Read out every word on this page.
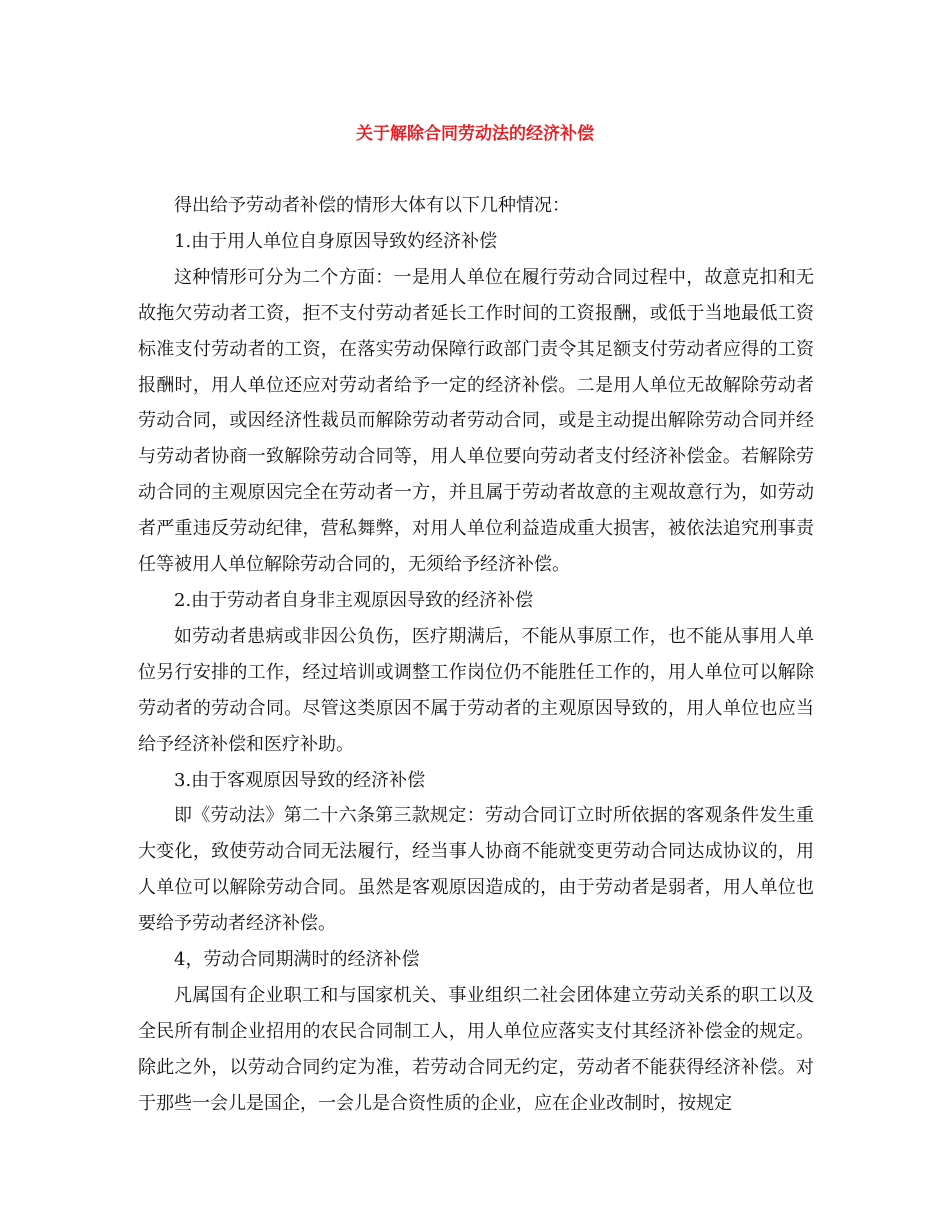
关于解除合同劳动法的经济补偿

得出给予劳动者补偿的情形大体有以下几种情况：

1.由于用人单位自身原因导致妁经济补偿

这种情形可分为二个方面：一是用人单位在履行劳动合同过程中，故意克扣和无故拖欠劳动者工资，拒不支付劳动者延长工作时间的工资报酬，或低于当地最低工资标准支付劳动者的工资，在落实劳动保障行政部门责令其足额支付劳动者应得的工资报酬时，用人单位还应对劳动者给予一定的经济补偿。二是用人单位无故解除劳动者劳动合同，或因经济性裁员而解除劳动者劳动合同，或是主动提出解除劳动合同并经与劳动者协商一致解除劳动合同等，用人单位要向劳动者支付经济补偿金。若解除劳动合同的主观原因完全在劳动者一方，并且属于劳动者故意的主观故意行为，如劳动者严重违反劳动纪律，营私舞弊，对用人单位利益造成重大损害，被依法追究刑事责任等被用人单位解除劳动合同的，无须给予经济补偿。

2.由于劳动者自身非主观原因导致的经济补偿

如劳动者患病或非因公负伤，医疗期满后，不能从事原工作，也不能从事用人单位另行安排的工作，经过培训或调整工作岗位仍不能胜任工作的，用人单位可以解除劳动者的劳动合同。尽管这类原因不属于劳动者的主观原因导致的，用人单位也应当给予经济补偿和医疗补助。

3.由于客观原因导致的经济补偿

即《劳动法》第二十六条第三款规定：劳动合同订立时所依据的客观条件发生重大变化，致使劳动合同无法履行，经当事人协商不能就变更劳动合同达成协议的，用人单位可以解除劳动合同。虽然是客观原因造成的，由于劳动者是弱者，用人单位也要给予劳动者经济补偿。

4，劳动合同期满时的经济补偿

凡属国有企业职工和与国家机关、事业组织二社会团体建立劳动关系的职工以及全民所有制企业招用的农民合同制工人，用人单位应落实支付其经济补偿金的规定。除此之外，以劳动合同约定为准，若劳动合同无约定，劳动者不能获得经济补偿。对于那些一会儿是国企，一会儿是合资性质的企业，应在企业改制时，按规定
